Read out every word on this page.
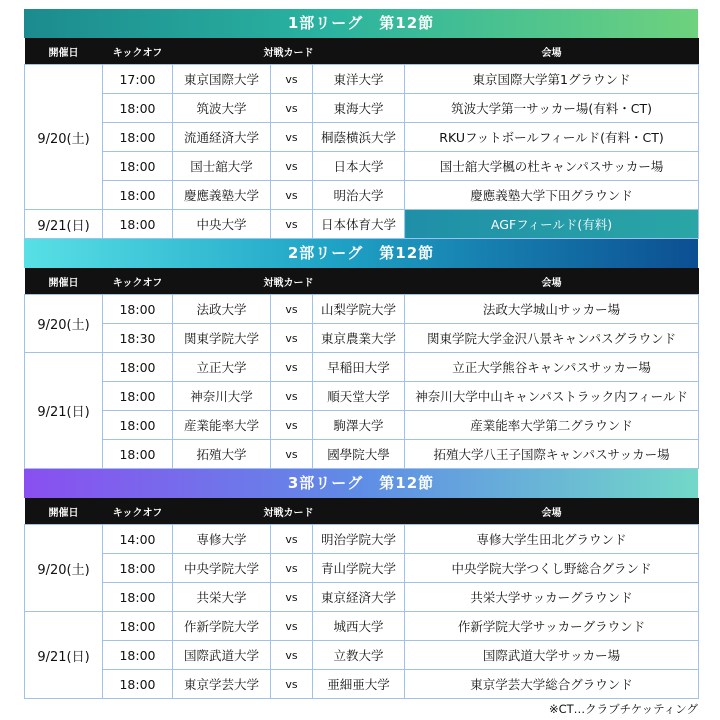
1部リーグ　第12節
開催日	キックオフ	対戦カード			会場
9/20(土)	17:00	東京国際大学	vs	東洋大学	東京国際大学第1グラウンド
	18:00	筑波大学	vs	東海大学	筑波大学第一サッカー場(有料・CT)
	18:00	流通経済大学	vs	桐蔭横浜大学	RKUフットボールフィールド(有料・CT)
	18:00	国士舘大学	vs	日本大学	国士舘大学楓の杜キャンパスサッカー場
	18:00	慶應義塾大学	vs	明治大学	慶應義塾大学下田グラウンド
9/21(日)	18:00	中央大学	vs	日本体育大学	AGFフィールド(有料)
2部リーグ　第12節
開催日	キックオフ	対戦カード			会場
9/20(土)	18:00	法政大学	vs	山梨学院大学	法政大学城山サッカー場
	18:30	関東学院大学	vs	東京農業大学	関東学院大学金沢八景キャンパスグラウンド
9/21(日)	18:00	立正大学	vs	早稲田大学	立正大学熊谷キャンパスサッカー場
	18:00	神奈川大学	vs	順天堂大学	神奈川大学中山キャンパストラック内フィールド
	18:00	産業能率大学	vs	駒澤大学	産業能率大学第二グラウンド
	18:00	拓殖大学	vs	國學院大學	拓殖大学八王子国際キャンパスサッカー場
3部リーグ　第12節
開催日	キックオフ	対戦カード			会場
9/20(土)	14:00	専修大学	vs	明治学院大学	専修大学生田北グラウンド
	18:00	中央学院大学	vs	青山学院大学	中央学院大学つくし野総合グランド
	18:00	共栄大学	vs	東京経済大学	共栄大学サッカーグラウンド
9/21(日)	18:00	作新学院大学	vs	城西大学	作新学院大学サッカーグラウンド
	18:00	国際武道大学	vs	立教大学	国際武道大学サッカー場
	18:00	東京学芸大学	vs	亜細亜大学	東京学芸大学総合グラウンド
※CT…クラブチケッティング
